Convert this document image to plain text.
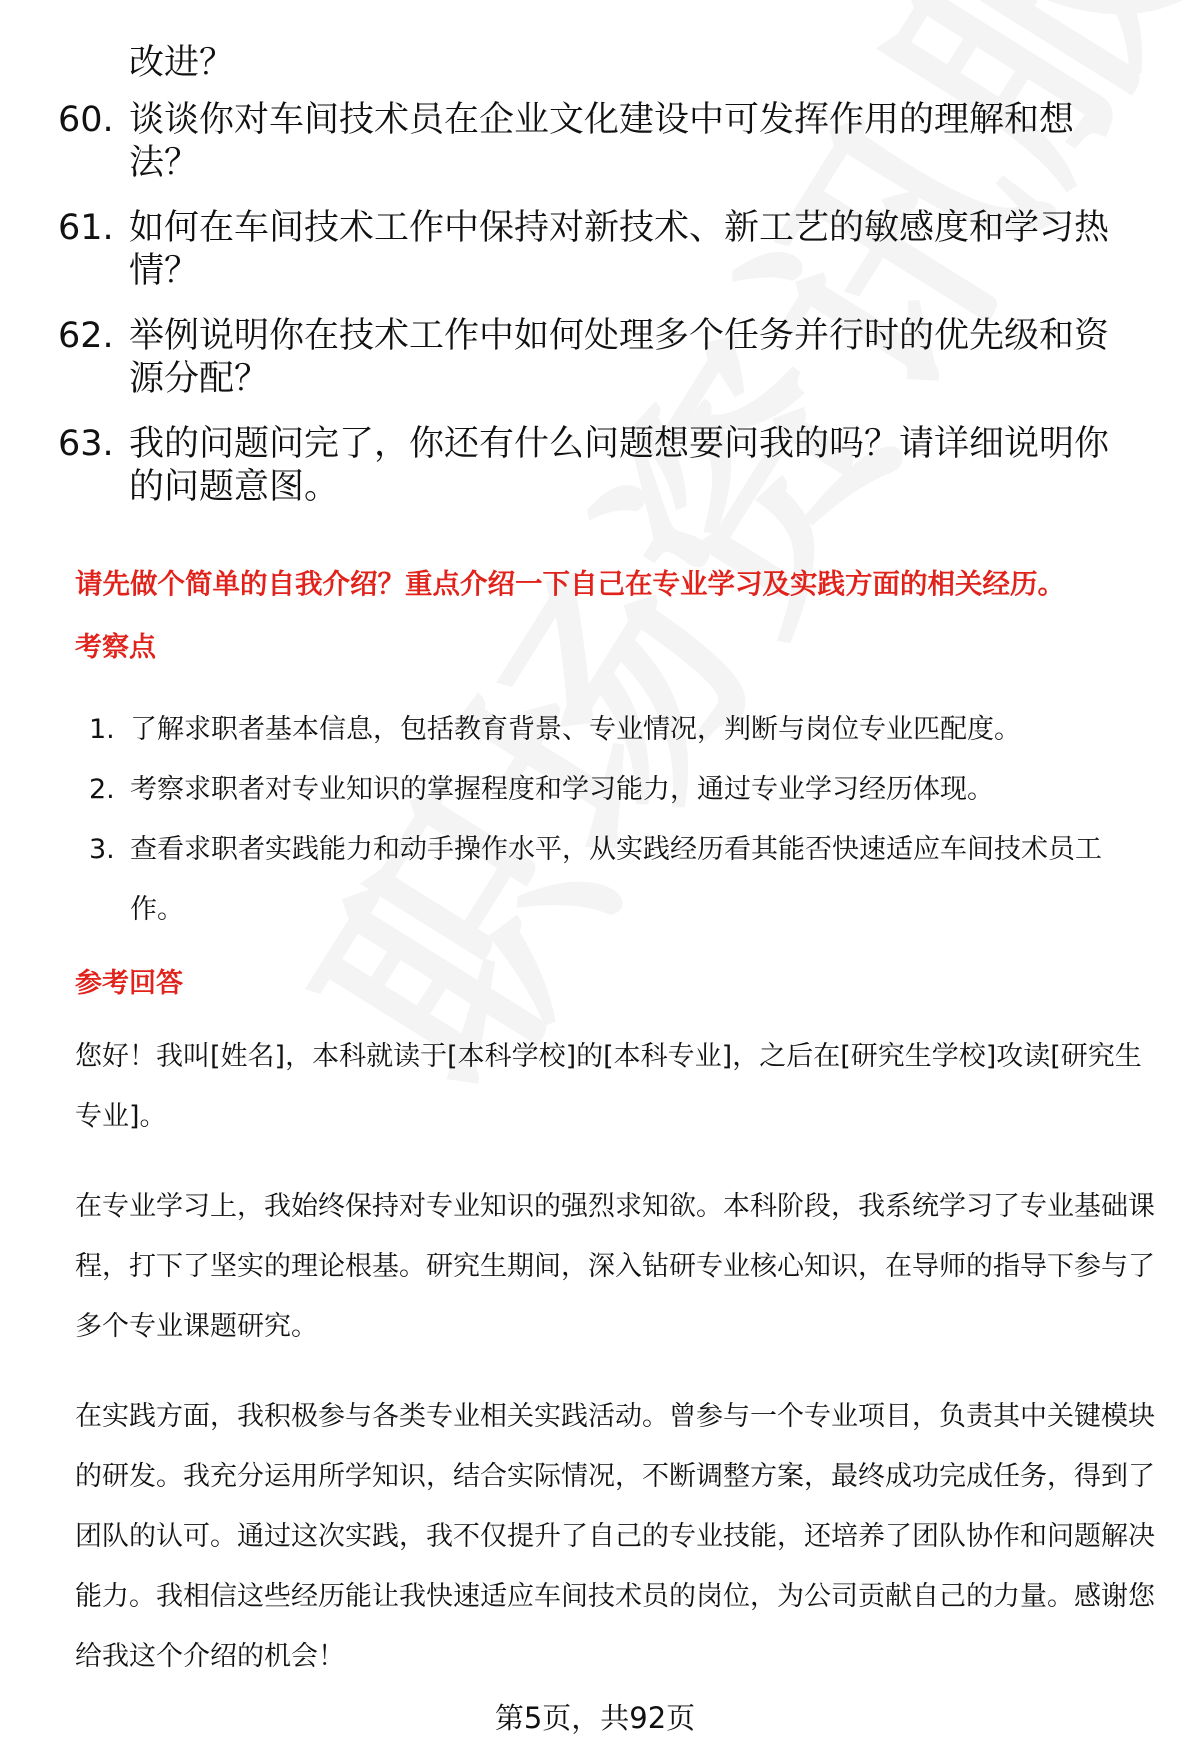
改进？
60. 谈谈你对车间技术员在企业文化建设中可发挥作用的理解和想法？
61. 如何在车间技术工作中保持对新技术、新工艺的敏感度和学习热情？
62. 举例说明你在技术工作中如何处理多个任务并行时的优先级和资源分配？
63. 我的问题问完了，你还有什么问题想要问我的吗？请详细说明你的问题意图。
请先做个简单的自我介绍？重点介绍一下自己在专业学习及实践方面的相关经历。
考察点
1. 了解求职者基本信息，包括教育背景、专业情况，判断与岗位专业匹配度。
2. 考察求职者对专业知识的掌握程度和学习能力，通过专业学习经历体现。
3. 查看求职者实践能力和动手操作水平，从实践经历看其能否快速适应车间技术员工作。
参考回答
您好！我叫[姓名]，本科就读于[本科学校]的[本科专业]，之后在[研究生学校]攻读[研究生专业]。
在专业学习上，我始终保持对专业知识的强烈求知欲。本科阶段，我系统学习了专业基础课程，打下了坚实的理论根基。研究生期间，深入钻研专业核心知识，在导师的指导下参与了多个专业课题研究。
在实践方面，我积极参与各类专业相关实践活动。曾参与一个专业项目，负责其中关键模块的研发。我充分运用所学知识，结合实际情况，不断调整方案，最终成功完成任务，得到了团队的认可。通过这次实践，我不仅提升了自己的专业技能，还培养了团队协作和问题解决能力。我相信这些经历能让我快速适应车间技术员的岗位，为公司贡献自己的力量。感谢您给我这个介绍的机会！
第5页，共92页
